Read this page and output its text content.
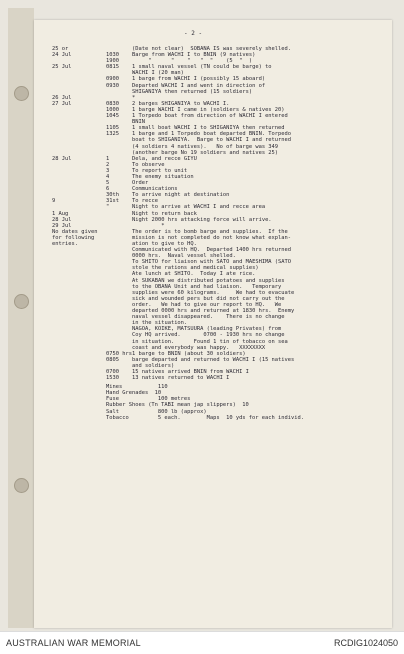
- 2 -
25 or	(Date not clear)  SOBANA IS was severely shelled.
24 Jul	1030	Barge from WACHI I to BNIN (9 natives)
1900	"      "    "   "  "    (5  "  )
25 Jul	0815	1 small naval vessel (TN could be barge) to
WACHI I (20 man)
0900	1 barge from WACHI I (possibly 15 aboard)
0930	Departed WACHI I and went in direction of
SHIGANIYA then returned (15 soldiers)
26 Jul	*
27 Jul	0830	2 barges SHIGANIYA to WACHI I.
1000	1 barge WACHI I came in (soldiers & natives 20)
1045	1 Torpedo boat from direction of WACHI I entered
BNIN
1105	1 small boat WACHI I to SHIGANIYA then returned
1325	1 barge and 1 Torpedo boat departed BNIN. Torpedo
boat to SHIGANIYA.  Barge to WACHI I and returned
(4 soldiers 4 natives).   No of barge was 349
(another barge No 19 soldiers and natives 25)
28 Jul	1	Dela, and recce GIYU
2	To observe
3	To report to unit
4	The enemy situation
5	Order
6	Communications
30th	To arrive night at destination
9	31st	To recce
"	Night to arrive at WACHI I and recce area
1 Aug	Night to return back
28 Jul	Night 2000 hrs attacking force will arrive.
29 Jul	*
No dates given	The order is to bomb barge and supplies.  If the
for following	mission is not completed do not know what explan-
entries.	ation to give to HQ.
Communicated with HQ.  Departed 1400 hrs returned
0000 hrs.  Naval vessel shelled.
To SHITO for liaison with SATO and MAESHIMA (SATO
stole the rations and medical supplies)
Ate lunch at SHITO.  Today I ate rice.
At SUKABAN we distributed potatoes and supplies
to the OBANA Unit and had liaison.   Temporary
supplies were 60 kilograms.     We had to evacuate
sick and wounded pers but did not carry out the
order.   We had to give our report to HQ.   We
departed 0000 hrs and returned at 1830 hrs.  Enemy
naval vessel disappeared.    There is no change
in the situation.
NAGOA, KOIKE, MATSUURA (leading Privates) from
Coy HQ arrived.       0700 - 1930 hrs no change
in situation.      Found 1 tin of tobacco on sea
coast and everybody was happy.   XXXXXXXX
0750 hrs 1 barge to BNIN (about 30 soldiers)
0805	barge departed and returned to WACHI I (15 natives
and soldiers)
0700	15 natives arrived BNIN from WACHI I
1530	13 natives returned to WACHI I
Mines           110
Hand Grenades  10
Fuse            100 metres
Rubber Shoes (Tn TABI mean jap slippers)  10
Salt            800 lb (approx)
Tobacco         5 each.        Maps  10 yds for each individ.
AUSTRALIAN WAR MEMORIAL	RCDIG1024050
